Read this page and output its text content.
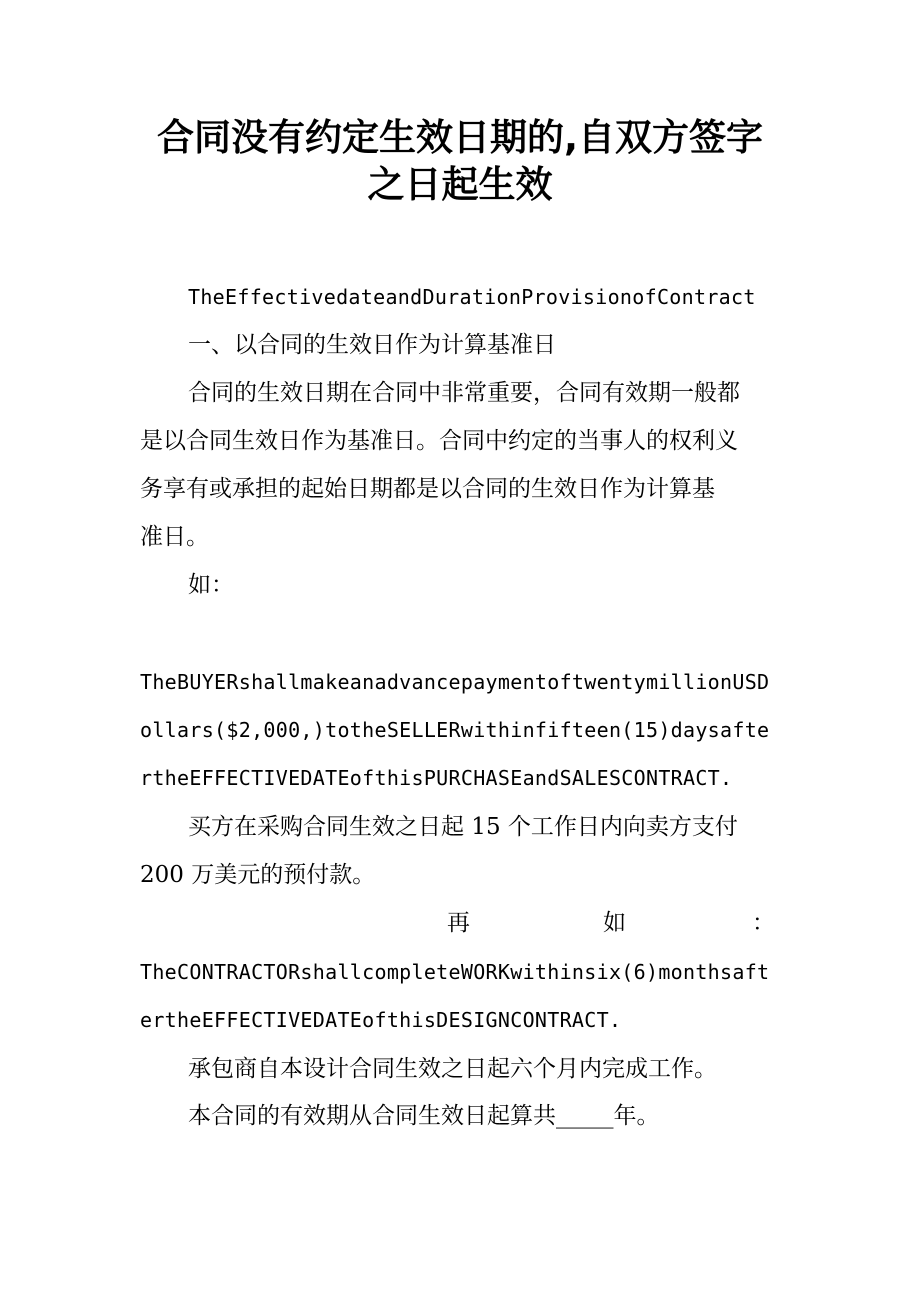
合同没有约定生效日期的,自双方签字
之日起生效
TheEffectivedateandDurationProvisionofContract
一、以合同的生效日作为计算基准日
合同的生效日期在合同中非常重要，合同有效期一般都
是以合同生效日作为基准日。合同中约定的当事人的权利义
务享有或承担的起始日期都是以合同的生效日作为计算基
准日。
如：
TheBUYERshallmakeanadvancepaymentoftwentymillionUSD
ollars($2,000,)totheSELLERwithinfifteen(15)daysafte
rtheEFFECTIVEDATEofthisPURCHASEandSALESCONTRACT.
买方在采购合同生效之日起 15 个工作日内向卖方支付
200 万美元的预付款。
再	如	：
TheCONTRACTORshallcompleteWORKwithinsix(6)monthsaft
ertheEFFECTIVEDATEofthisDESIGNCONTRACT.
承包商自本设计合同生效之日起六个月内完成工作。
本合同的有效期从合同生效日起算共_____年。
